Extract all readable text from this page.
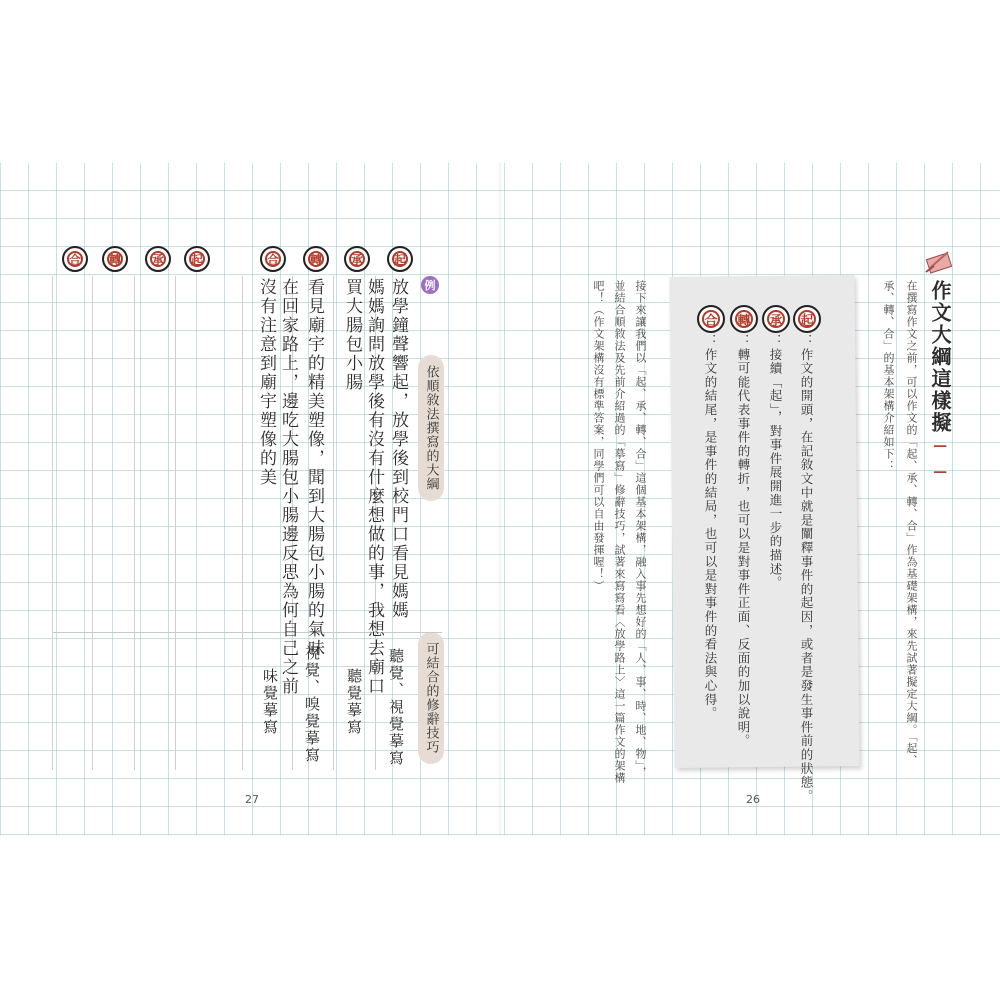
作文大綱這樣擬──
在撰寫作文之前，可以作文的「起、承、轉、合」作為基礎架構，來先試著擬定大綱。「起、
承、轉、合」的基本架構介紹如下：
起
：作文的開頭，在記敘文中就是闡釋事件的起因，或者是發生事件前的狀態。
承
：接續「起」，對事件展開進一步的描述。
轉
：轉可能代表事件的轉折，也可以是對事件正面、反面的加以說明。
合
：作文的結尾，是事件的結局，也可以是對事件的看法與心得。
接下來讓我們以「起、承、轉、合」這個基本架構，融入事先想好的「人、事、時、地、物」，
並結合順敘法及先前介紹過的「摹寫」修辭技巧，試著來寫寫看〈放學路上〉這一篇作文的架構
吧！（作文架構沒有標準答案，同學們可以自由發揮喔！）
26
依順敘法撰寫的大綱
可結合的修辭技巧
例
起
放學鐘聲響起，放學後到校門口看見媽媽
聽覺、視覺摹寫
承
媽媽詢問放學後有沒有什麼想做的事，我想去廟口
買大腸包小腸
聽覺摹寫
轉
看見廟宇的精美塑像，聞到大腸包小腸的氣味
視覺、嗅覺摹寫
合
在回家路上，邊吃大腸包小腸邊反思為何自己之前
沒有注意到廟宇塑像的美
味覺摹寫
起
承
轉
合
27
